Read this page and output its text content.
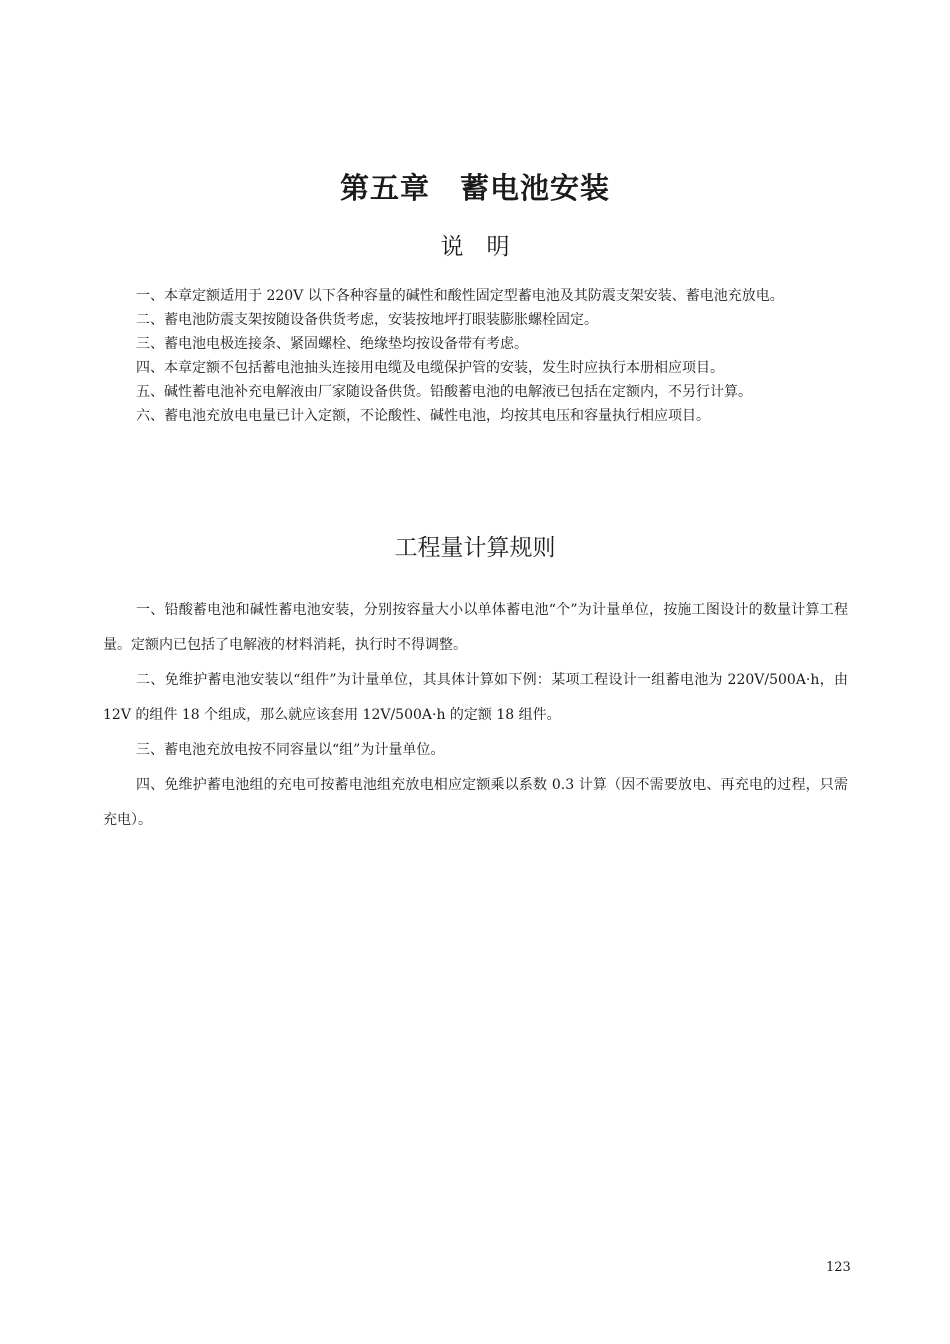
第五章　蓄电池安装
说　明

一、本章定额适用于 220V 以下各种容量的碱性和酸性固定型蓄电池及其防震支架安装、蓄电池充放电。

二、蓄电池防震支架按随设备供货考虑，安装按地坪打眼装膨胀螺栓固定。

三、蓄电池电极连接条、紧固螺栓、绝缘垫均按设备带有考虑。

四、本章定额不包括蓄电池抽头连接用电缆及电缆保护管的安装，发生时应执行本册相应项目。

五、碱性蓄电池补充电解液由厂家随设备供货。铅酸蓄电池的电解液已包括在定额内，不另行计算。

六、蓄电池充放电电量已计入定额，不论酸性、碱性电池，均按其电压和容量执行相应项目。

工程量计算规则

一、铅酸蓄电池和碱性蓄电池安装，分别按容量大小以单体蓄电池“个”为计量单位，按施工图设计的数量计算工程量。定额内已包括了电解液的材料消耗，执行时不得调整。

二、免维护蓄电池安装以“组件”为计量单位，其具体计算如下例：某项工程设计一组蓄电池为 220V/500A·h，由 12V 的组件 18 个组成，那么就应该套用 12V/500A·h 的定额 18 组件。

三、蓄电池充放电按不同容量以“组”为计量单位。

四、免维护蓄电池组的充电可按蓄电池组充放电相应定额乘以系数 0.3 计算（因不需要放电、再充电的过程，只需充电）。

123
